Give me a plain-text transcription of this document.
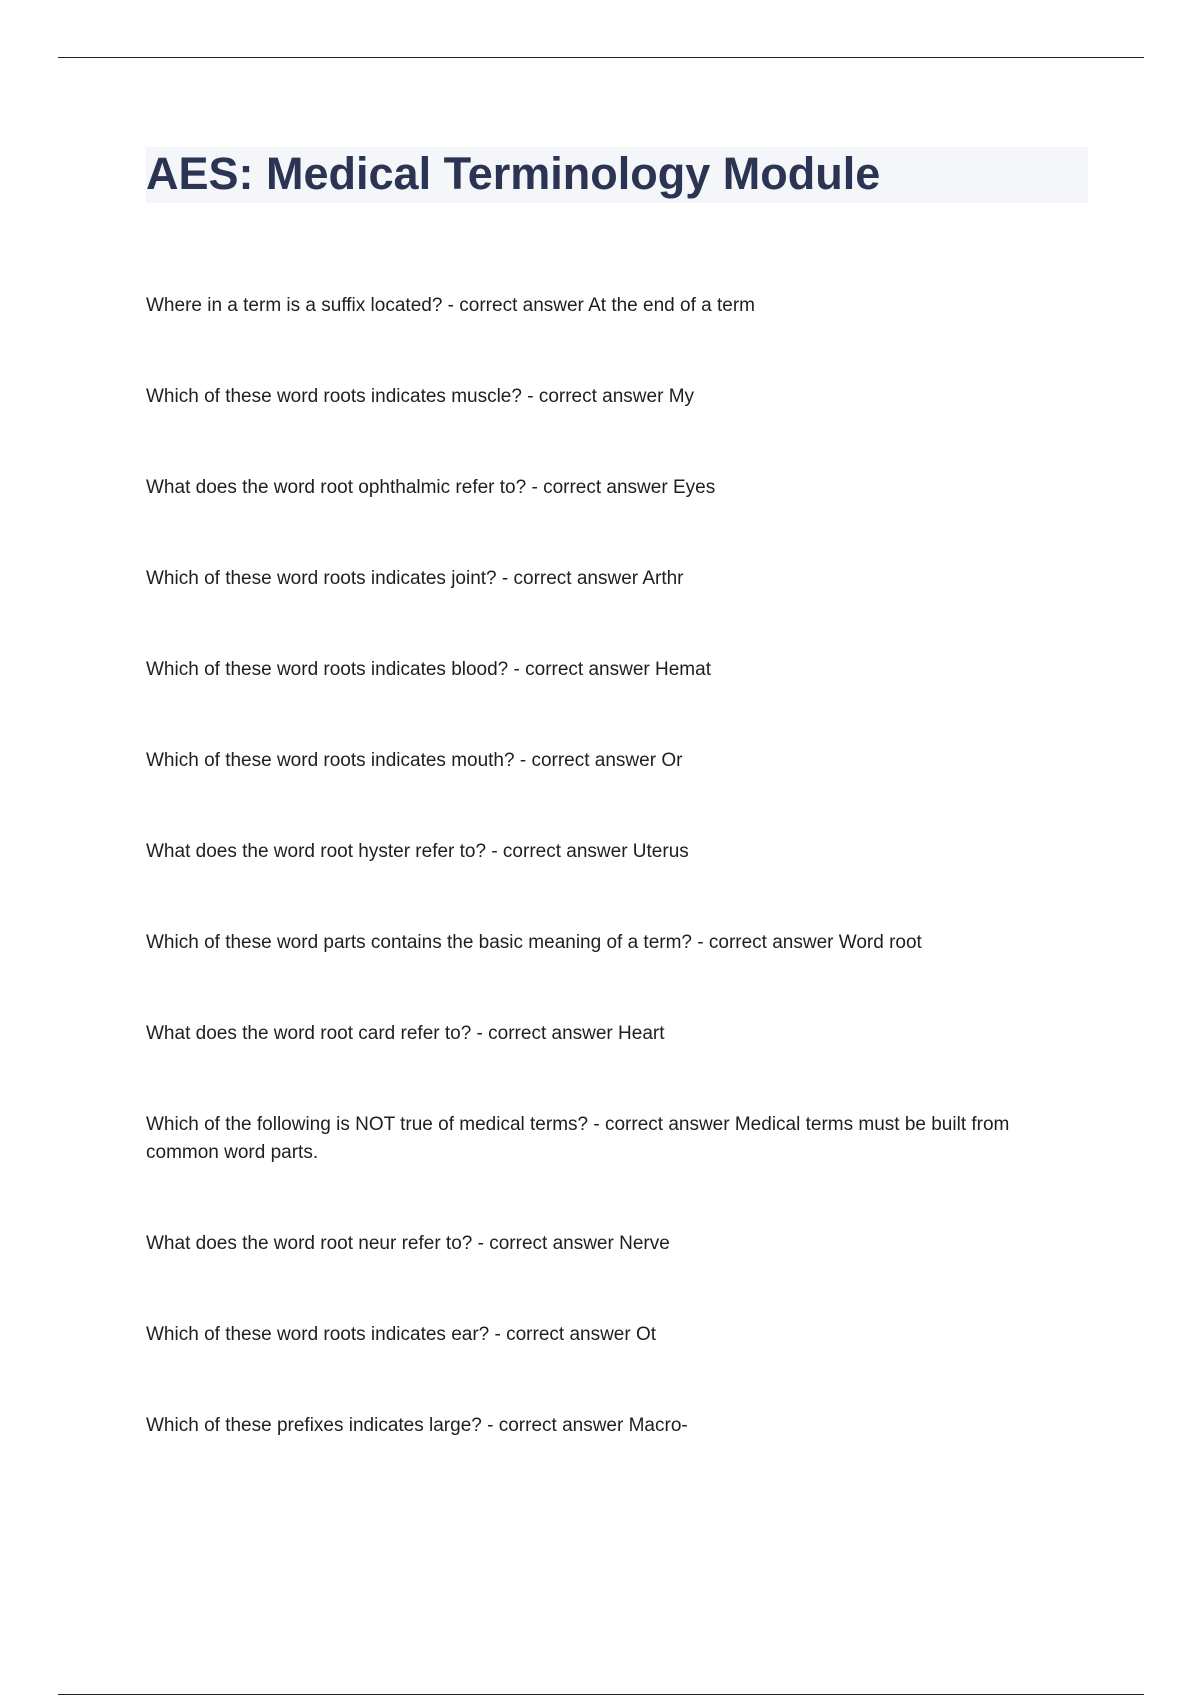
AES: Medical Terminology Module
Where in a term is a suffix located? - correct answer At the end of a term
Which of these word roots indicates muscle? - correct answer My
What does the word root ophthalmic refer to? - correct answer Eyes
Which of these word roots indicates joint? - correct answer Arthr
Which of these word roots indicates blood? - correct answer Hemat
Which of these word roots indicates mouth? - correct answer Or
What does the word root hyster refer to? - correct answer Uterus
Which of these word parts contains the basic meaning of a term? - correct answer Word root
What does the word root card refer to? - correct answer Heart
Which of the following is NOT true of medical terms? - correct answer Medical terms must be built from common word parts.
What does the word root neur refer to? - correct answer Nerve
Which of these word roots indicates ear? - correct answer Ot
Which of these prefixes indicates large? - correct answer Macro-
